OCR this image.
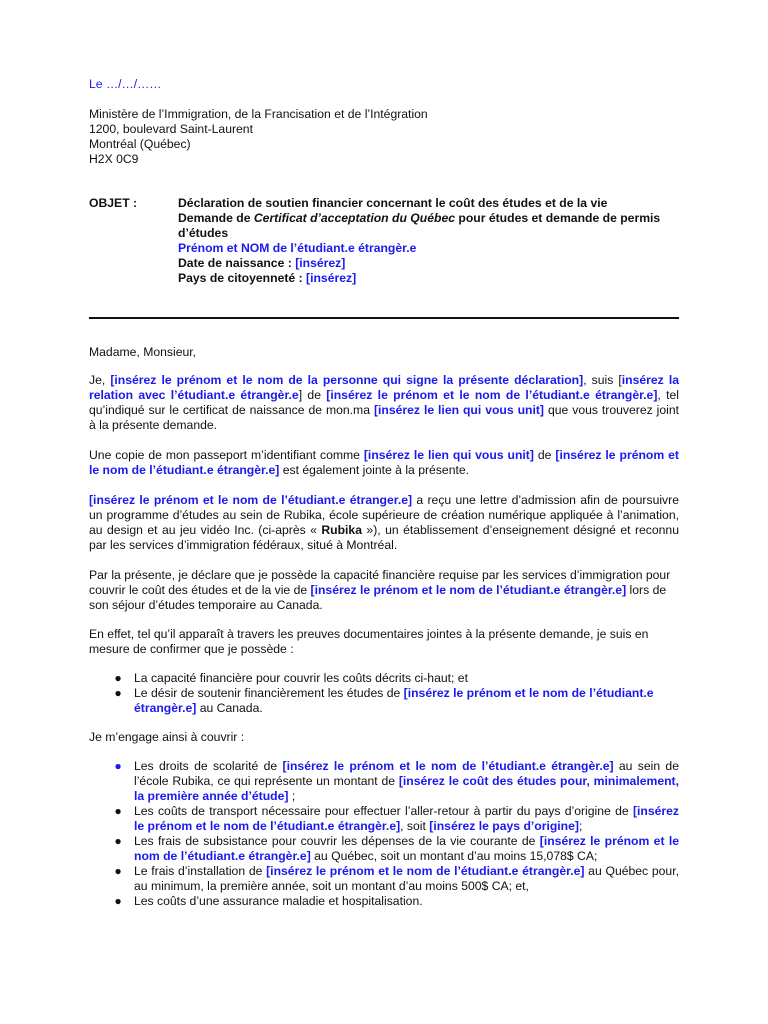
Le …/…/……
Ministère de l’Immigration, de la Francisation et de l’Intégration
1200, boulevard Saint-Laurent
Montréal (Québec)
H2X 0C9
OBJET :	Déclaration de soutien financier concernant le coût des études et de la vie
Demande de Certificat d’acceptation du Québec pour études et demande de permis d’études
Prénom et NOM de l’étudiant.e étrangèr.e
Date de naissance : [insérez]
Pays de citoyenneté : [insérez]
Madame, Monsieur,

Je, [insérez le prénom et le nom de la personne qui signe la présente déclaration], suis [insérez la relation avec l’étudiant.e étrangèr.e] de [insérez le prénom et le nom de l’étudiant.e étrangèr.e], tel qu’indiqué sur le certificat de naissance de mon.ma [insérez le lien qui vous unit] que vous trouverez joint à la présente demande.

Une copie de mon passeport m’identifiant comme [insérez le lien qui vous unit] de [insérez le prénom et le nom de l’étudiant.e étrangèr.e] est également jointe à la présente.

[insérez le prénom et le nom de l’étudiant.e étranger.e] a reçu une lettre d’admission afin de poursuivre un programme d’études au sein de Rubika, école supérieure de création numérique appliquée à l’animation, au design et au jeu vidéo Inc. (ci-après « Rubika »), un établissement d’enseignement désigné et reconnu par les services d’immigration fédéraux, situé à Montréal.

Par la présente, je déclare que je possède la capacité financière requise par les services d’immigration pour couvrir le coût des études et de la vie de [insérez le prénom et le nom de l’étudiant.e étrangèr.e] lors de son séjour d’études temporaire au Canada.

En effet, tel qu’il apparaît à travers les preuves documentaires jointes à la présente demande, je suis en mesure de confirmer que je possède :

● La capacité financière pour couvrir les coûts décrits ci-haut; et
● Le désir de soutenir financièrement les études de [insérez le prénom et le nom de l’étudiant.e étrangèr.e] au Canada.

Je m’engage ainsi à couvrir :

● Les droits de scolarité de [insérez le prénom et le nom de l’étudiant.e étrangèr.e] au sein de l’école Rubika, ce qui représente un montant de [insérez le coût des études pour, minimalement, la première année d’étude] ;
● Les coûts de transport nécessaire pour effectuer l’aller-retour à partir du pays d’origine de [insérez le prénom et le nom de l’étudiant.e étrangèr.e], soit [insérez le pays d’origine];
● Les frais de subsistance pour couvrir les dépenses de la vie courante de [insérez le prénom et le nom de l’étudiant.e étrangèr.e] au Québec, soit un montant d’au moins 15,078$ CA;
● Le frais d’installation de [insérez le prénom et le nom de l’étudiant.e étrangèr.e] au Québec pour, au minimum, la première année, soit un montant d’au moins 500$ CA; et,
● Les coûts d’une assurance maladie et hospitalisation.
